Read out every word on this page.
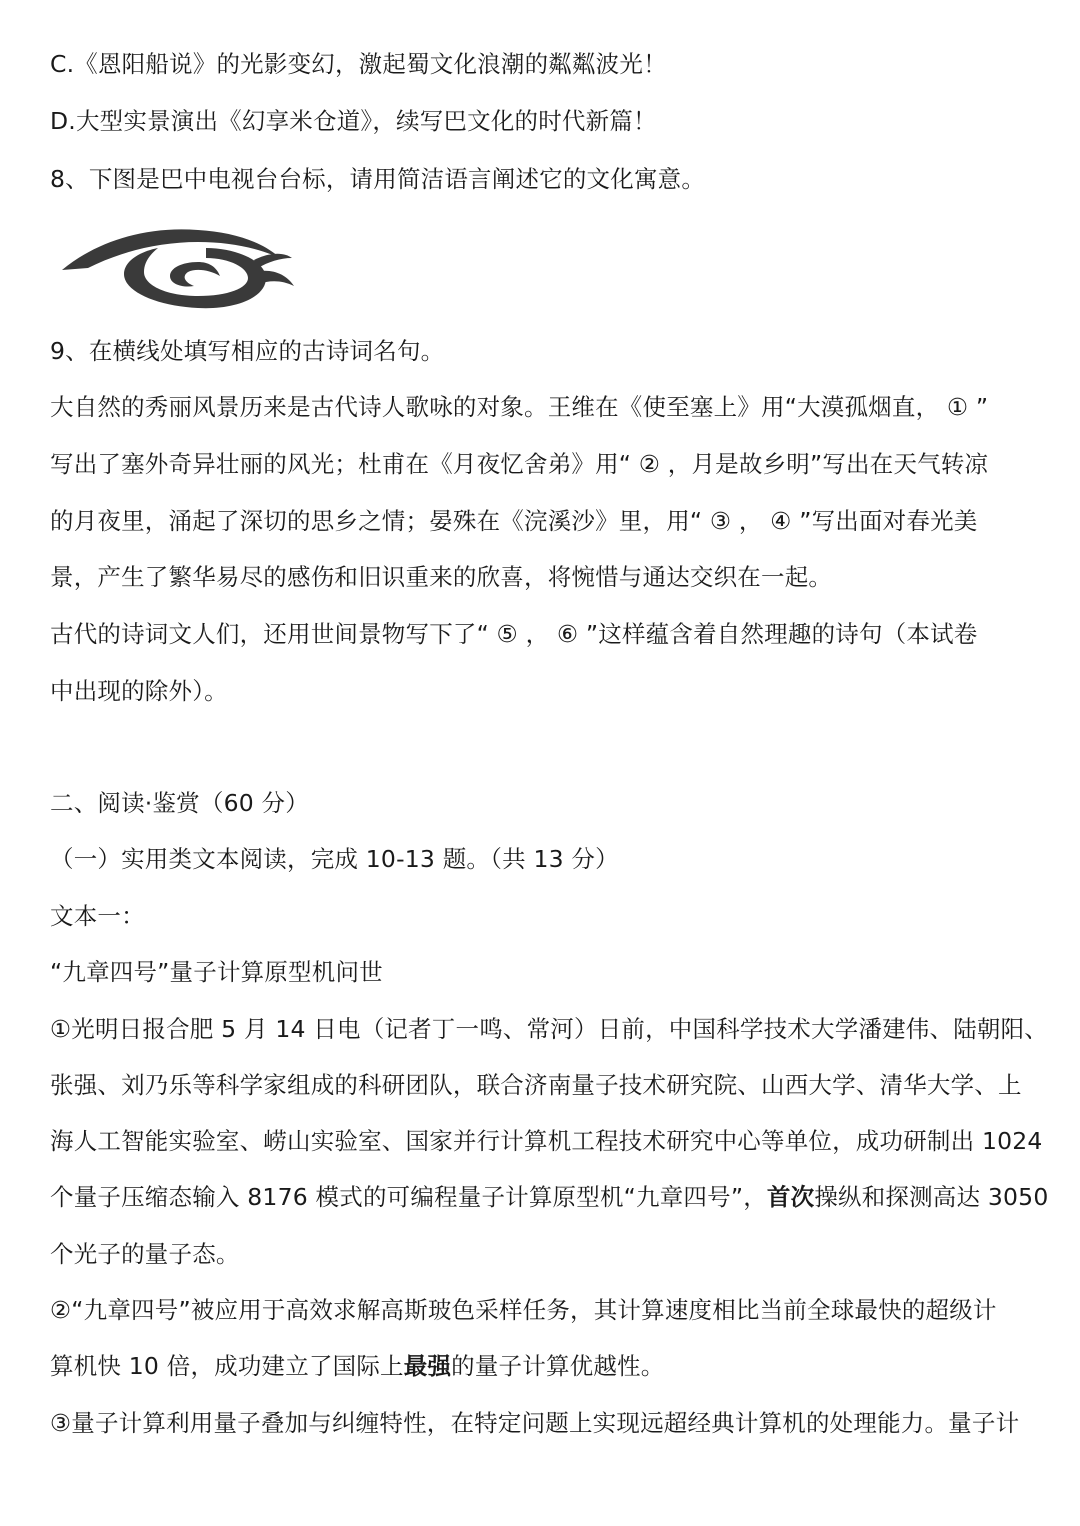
C.《恩阳船说》的光影变幻，激起蜀文化浪潮的粼粼波光！
D.大型实景演出《幻享米仓道》，续写巴文化的时代新篇！
8、下图是巴中电视台台标，请用简洁语言阐述它的文化寓意。
9、在横线处填写相应的古诗词名句。
大自然的秀丽风景历来是古代诗人歌咏的对象。王维在《使至塞上》用“大漠孤烟直， ① ”
写出了塞外奇异壮丽的风光；杜甫在《月夜忆舍弟》用“ ② ，月是故乡明”写出在天气转凉
的月夜里，涌起了深切的思乡之情；晏殊在《浣溪沙》里，用“ ③ ， ④ ”写出面对春光美
景，产生了繁华易尽的感伤和旧识重来的欣喜，将惋惜与通达交织在一起。
古代的诗词文人们，还用世间景物写下了“ ⑤ ， ⑥ ”这样蕴含着自然理趣的诗句（本试卷
中出现的除外）。
二、阅读·鉴赏（60 分）
（一）实用类文本阅读，完成 10-13 题。（共 13 分）
文本一：
“九章四号”量子计算原型机问世
①光明日报合肥 5 月 14 日电（记者丁一鸣、常河）日前，中国科学技术大学潘建伟、陆朝阳、
张强、刘乃乐等科学家组成的科研团队，联合济南量子技术研究院、山西大学、清华大学、上
海人工智能实验室、崂山实验室、国家并行计算机工程技术研究中心等单位，成功研制出 1024
个量子压缩态输入 8176 模式的可编程量子计算原型机“九章四号”，首次操纵和探测高达 3050
个光子的量子态。
②“九章四号”被应用于高效求解高斯玻色采样任务，其计算速度相比当前全球最快的超级计
算机快 10 倍，成功建立了国际上最强的量子计算优越性。
③量子计算利用量子叠加与纠缠特性，在特定问题上实现远超经典计算机的处理能力。量子计
